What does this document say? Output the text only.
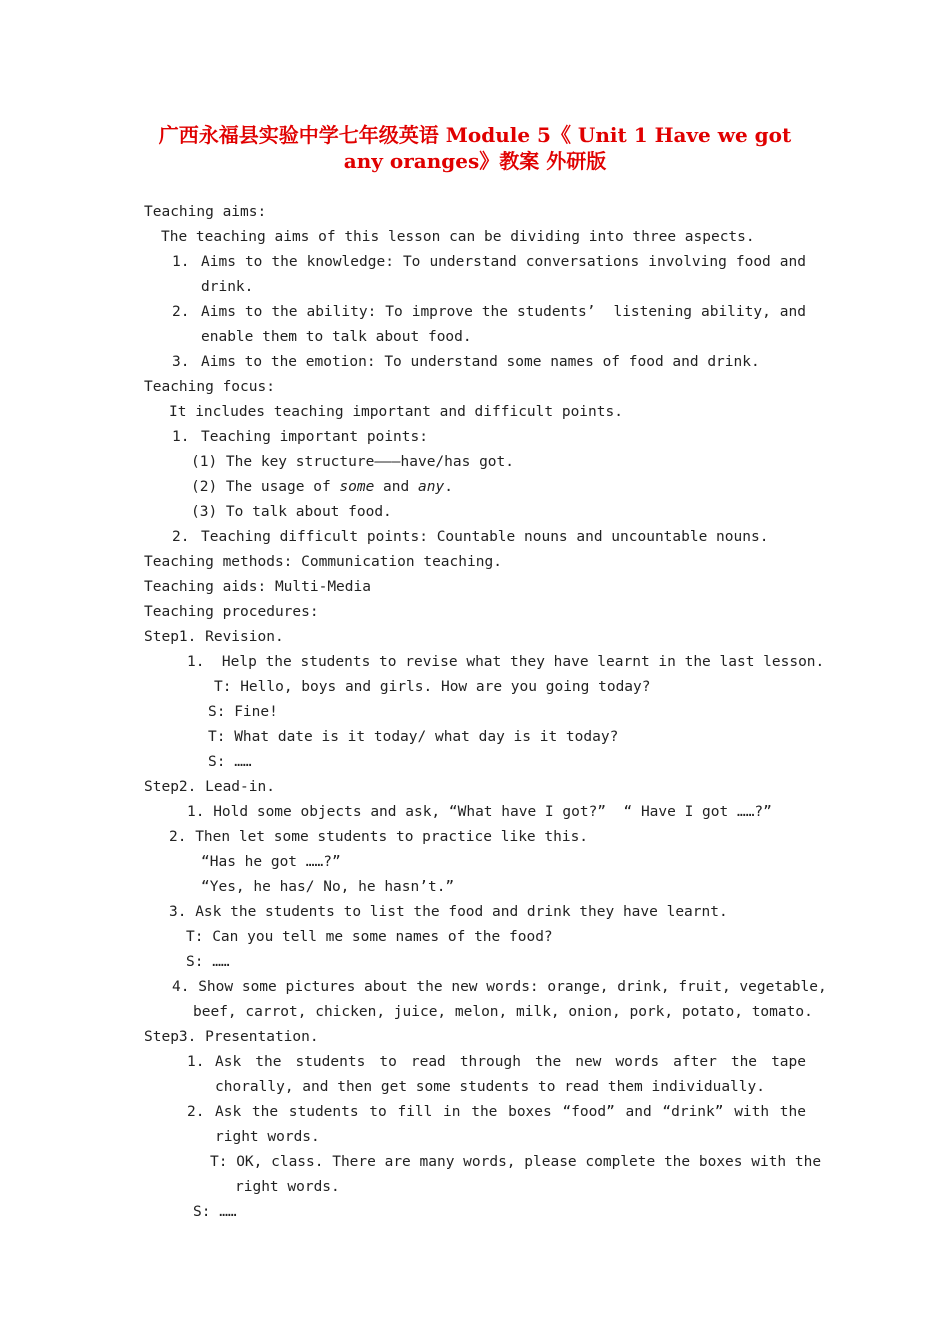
广西永福县实验中学七年级英语 Module 5《 Unit 1 Have we got
any oranges》教案 外研版
Teaching aims:
The teaching aims of this lesson can be dividing into three aspects.
1. Aims to the knowledge: To understand conversations involving food and
drink.
2. Aims to the ability: To improve the students’  listening ability, and
enable them to talk about food.
3. Aims to the emotion: To understand some names of food and drink.
Teaching focus:
It includes teaching important and difficult points.
1. Teaching important points:
(1) The key structure———have/has got.
(2) The usage of some and any.
(3) To talk about food.
2. Teaching difficult points: Countable nouns and uncountable nouns.
Teaching methods: Communication teaching.
Teaching aids: Multi-Media
Teaching procedures:
Step1. Revision.
1.  Help the students to revise what they have learnt in the last lesson.
T: Hello, boys and girls. How are you going today?
S: Fine!
T: What date is it today/ what day is it today?
S: ……
Step2. Lead-in.
1. Hold some objects and ask, “What have I got?”  “ Have I got ……?”
2. Then let some students to practice like this.
“Has he got ……?”
“Yes, he has/ No, he hasn’t.”
3. Ask the students to list the food and drink they have learnt.
T: Can you tell me some names of the food?
S: ……
4. Show some pictures about the new words: orange, drink, fruit, vegetable,
beef, carrot, chicken, juice, melon, milk, onion, pork, potato, tomato.
Step3. Presentation.
1. Ask the students to read through the new words after the tape
chorally, and then get some students to read them individually.
2. Ask the students to fill in the boxes “food” and “drink” with the
right words.
T: OK, class. There are many words, please complete the boxes with the
right words.
S: ……
